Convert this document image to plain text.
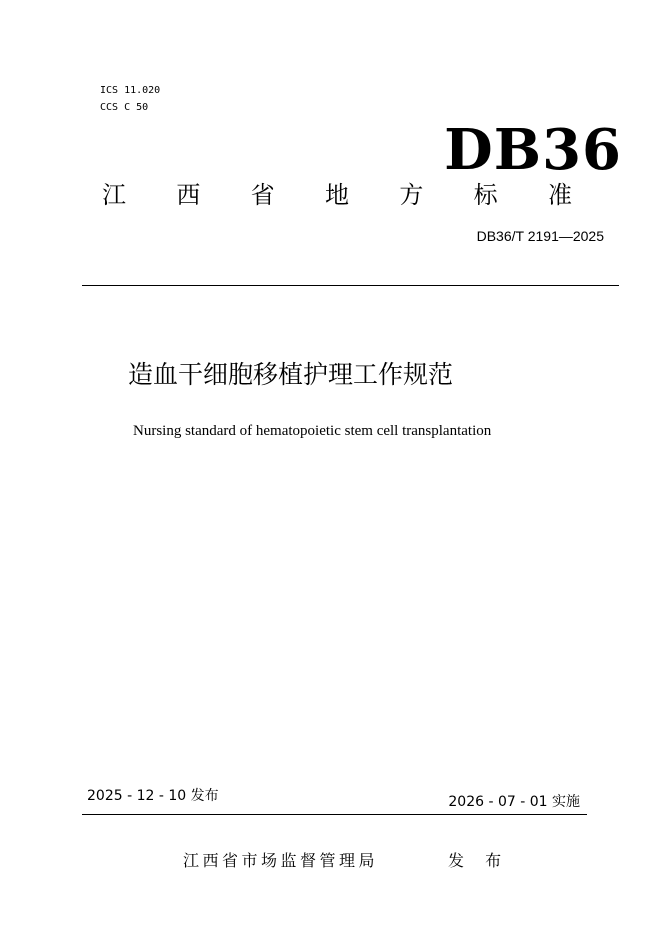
ICS 11.020
CCS C 50
DB36
江 西 省 地 方 标 准
DB36/T 2191—2025
造血干细胞移植护理工作规范
Nursing standard of hematopoietic stem cell transplantation
2025 - 12 - 10 发布	2026 - 07 - 01 实施
江西省市场监督管理局	发 布
